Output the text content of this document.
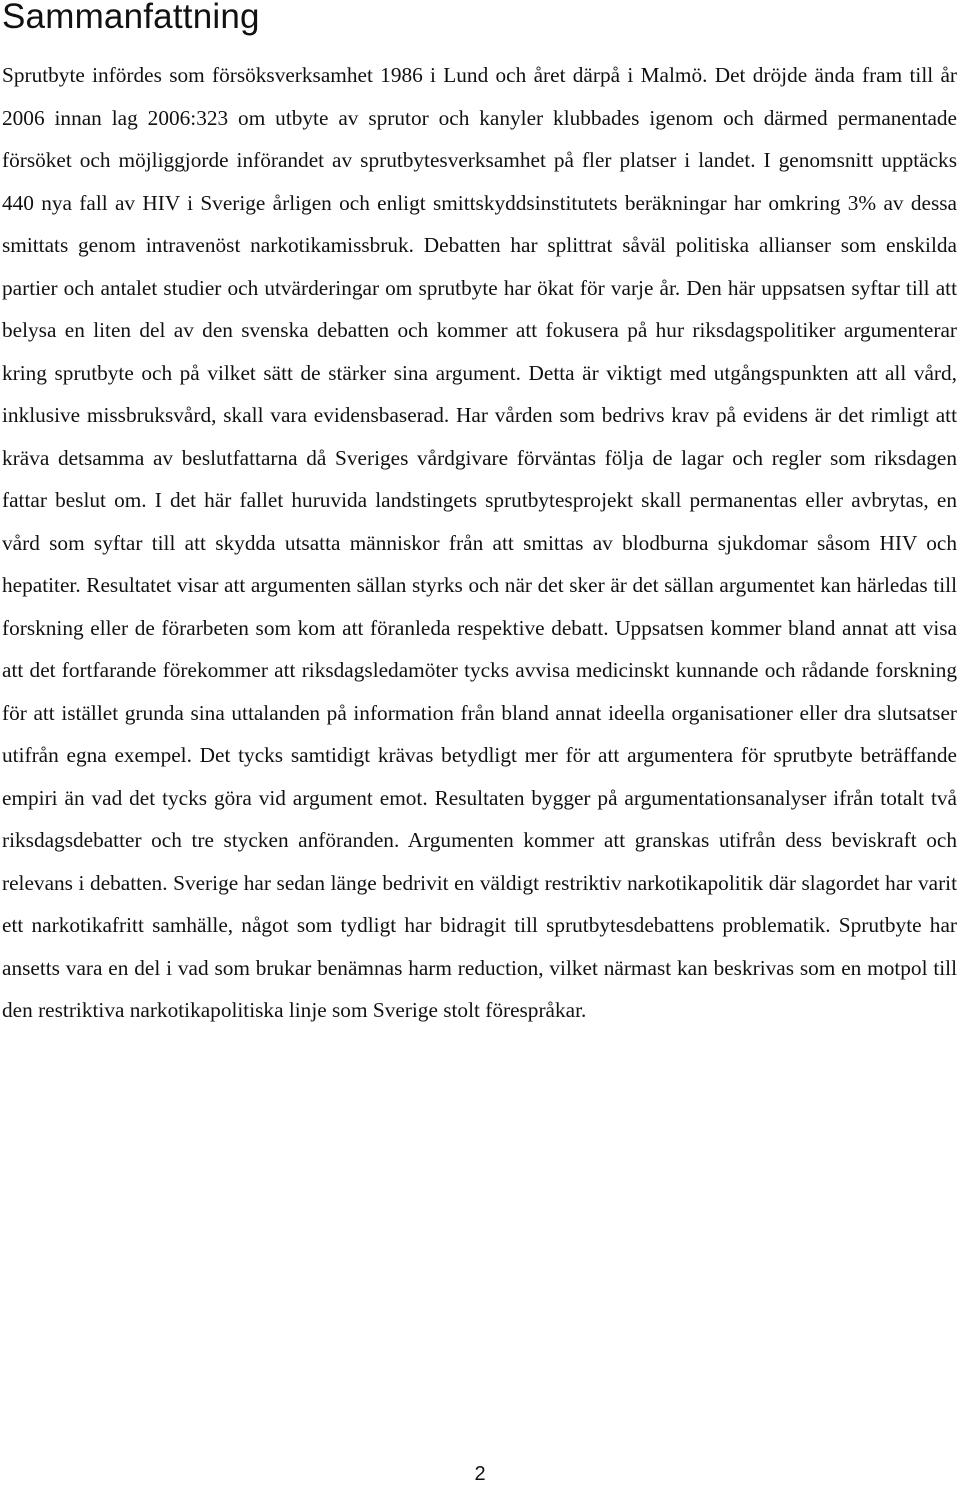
Sammanfattning

Sprutbyte infördes som försöksverksamhet 1986 i Lund och året därpå i Malmö. Det dröjde ända fram till år 2006 innan lag 2006:323 om utbyte av sprutor och kanyler klubbades igenom och därmed permanentade försöket och möjliggjorde införandet av sprutbytesverksamhet på fler platser i landet. I genomsnitt upptäcks 440 nya fall av HIV i Sverige årligen och enligt smittskyddsinstitutets beräkningar har omkring 3% av dessa smittats genom intravenöst narkotikamissbruk. Debatten har splittrat såväl politiska allianser som enskilda partier och antalet studier och utvärderingar om sprutbyte har ökat för varje år. Den här uppsatsen syftar till att belysa en liten del av den svenska debatten och kommer att fokusera på hur riksdagspolitiker argumenterar kring sprutbyte och på vilket sätt de stärker sina argument. Detta är viktigt med utgångspunkten att all vård, inklusive missbruksvård, skall vara evidensbaserad. Har vården som bedrivs krav på evidens är det rimligt att kräva detsamma av beslutfattarna då Sveriges vårdgivare förväntas följa de lagar och regler som riksdagen fattar beslut om. I det här fallet huruvida landstingets sprutbytesprojekt skall permanentas eller avbrytas, en vård som syftar till att skydda utsatta människor från att smittas av blodburna sjukdomar såsom HIV och hepatiter. Resultatet visar att argumenten sällan styrks och när det sker är det sällan argumentet kan härledas till forskning eller de förarbeten som kom att föranleda respektive debatt. Uppsatsen kommer bland annat att visa att det fortfarande förekommer att riksdagsledamöter tycks avvisa medicinskt kunnande och rådande forskning för att istället grunda sina uttalanden på information från bland annat ideella organisationer eller dra slutsatser utifrån egna exempel. Det tycks samtidigt krävas betydligt mer för att argumentera för sprutbyte beträffande empiri än vad det tycks göra vid argument emot. Resultaten bygger på argumentationsanalyser ifrån totalt två riksdagsdebatter och tre stycken anföranden. Argumenten kommer att granskas utifrån dess beviskraft och relevans i debatten. Sverige har sedan länge bedrivit en väldigt restriktiv narkotikapolitik där slagordet har varit ett narkotikafritt samhälle, något som tydligt har bidragit till sprutbytesdebattens problematik. Sprutbyte har ansetts vara en del i vad som brukar benämnas harm reduction, vilket närmast kan beskrivas som en motpol till den restriktiva narkotikapolitiska linje som Sverige stolt förespråkar.

2
